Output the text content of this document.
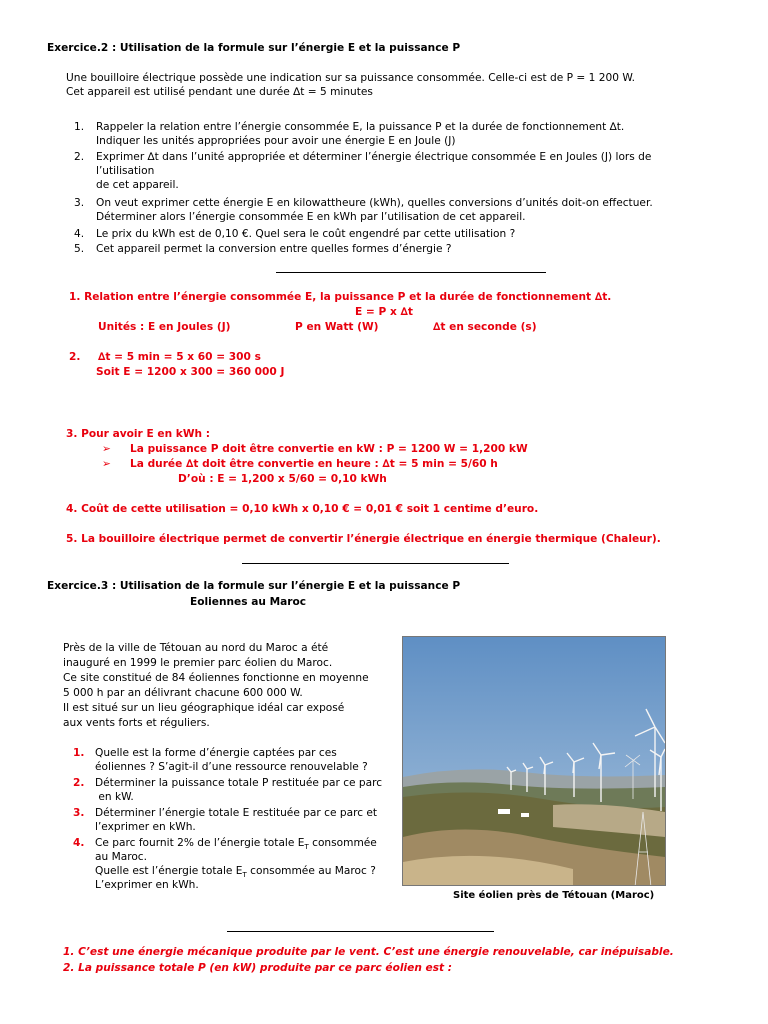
Exercice.2 : Utilisation de la formule sur l’énergie E et la puissance P
Une bouilloire électrique possède une indication sur sa puissance consommée. Celle-ci est de P = 1 200 W.
Cet appareil est utilisé pendant une durée ∆t = 5 minutes
1. Rappeler la relation entre l’énergie consommée E, la puissance P et la durée de fonctionnement ∆t.
Indiquer les unités appropriées pour avoir une énergie E en Joule (J)
2. Exprimer ∆t dans l’unité appropriée et déterminer l’énergie électrique consommée E en Joules (J) lors de
l’utilisation
de cet appareil.
3. On veut exprimer cette énergie E en kilowattheure (kWh), quelles conversions d’unités doit-on effectuer.
Déterminer alors l’énergie consommée E en kWh par l’utilisation de cet appareil.
4. Le prix du kWh est de 0,10 €. Quel sera le coût engendré par cette utilisation ?
5. Cet appareil permet la conversion entre quelles formes d’énergie ?
1. Relation entre l’énergie consommée E, la puissance P et la durée de fonctionnement ∆t.
E = P x ∆t
Unités : E en Joules (J)	P en Watt (W)	∆t en seconde (s)
2. ∆t = 5 min = 5 x 60 = 300 s
Soit E = 1200 x 300 = 360 000 J
3. Pour avoir E en kWh :
➢ La puissance P doit être convertie en kW : P = 1200 W = 1,200 kW
➢ La durée ∆t doit être convertie en heure : ∆t = 5 min = 5/60 h
D’où : E = 1,200 x 5/60 = 0,10 kWh
4. Coût de cette utilisation = 0,10 kWh x 0,10 € = 0,01 € soit 1 centime d’euro.
5. La bouilloire électrique permet de convertir l’énergie électrique en énergie thermique (Chaleur).
Exercice.3 : Utilisation de la formule sur l’énergie E et la puissance P
Eoliennes au Maroc
Près de la ville de Tétouan au nord du Maroc a été
inauguré en 1999 le premier parc éolien du Maroc.
Ce site constitué de 84 éoliennes fonctionne en moyenne
5 000 h par an délivrant chacune 600 000 W.
Il est situé sur un lieu géographique idéal car exposé
aux vents forts et réguliers.
1. Quelle est la forme d’énergie captées par ces
éoliennes ? S’agit-il d’une ressource renouvelable ?
2. Déterminer la puissance totale P restituée par ce parc
en kW.
3. Déterminer l’énergie totale E restituée par ce parc et
l’exprimer en kWh.
4. Ce parc fournit 2% de l’énergie totale $E_T$ consommée
au Maroc.
Quelle est l’énergie totale $E_T$ consommée au Maroc ?
L’exprimer en kWh.
Site éolien près de Tétouan (Maroc)
1. C’est une énergie mécanique produite par le vent. C’est une énergie renouvelable, car inépuisable.
2. La puissance totale P (en kW) produite par ce parc éolien est :
